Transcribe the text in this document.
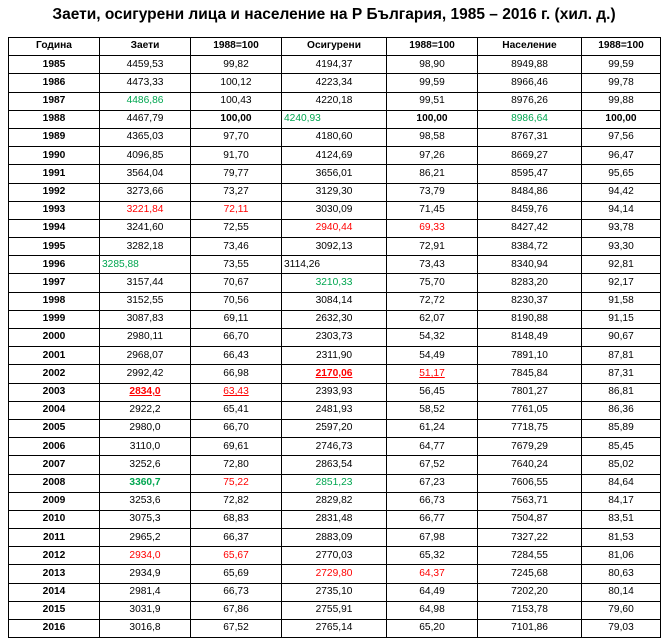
Заети, осигурени лица и население на Р България, 1985 – 2016 г. (хил. д.)
Година	Заети	1988=100	Осигурени	1988=100	Население	1988=100
1985	4459,53	99,82	4194,37	98,90	8949,88	99,59
1986	4473,33	100,12	4223,34	99,59	8966,46	99,78
1987	4486,86	100,43	4220,18	99,51	8976,26	99,88
1988	4467,79	100,00	4240,93	100,00	8986,64	100,00
1989	4365,03	97,70	4180,60	98,58	8767,31	97,56
1990	4096,85	91,70	4124,69	97,26	8669,27	96,47
1991	3564,04	79,77	3656,01	86,21	8595,47	95,65
1992	3273,66	73,27	3129,30	73,79	8484,86	94,42
1993	3221,84	72,11	3030,09	71,45	8459,76	94,14
1994	3241,60	72,55	2940,44	69,33	8427,42	93,78
1995	3282,18	73,46	3092,13	72,91	8384,72	93,30
1996	3285,88	73,55	3114,26	73,43	8340,94	92,81
1997	3157,44	70,67	3210,33	75,70	8283,20	92,17
1998	3152,55	70,56	3084,14	72,72	8230,37	91,58
1999	3087,83	69,11	2632,30	62,07	8190,88	91,15
2000	2980,11	66,70	2303,73	54,32	8148,49	90,67
2001	2968,07	66,43	2311,90	54,49	7891,10	87,81
2002	2992,42	66,98	2170,06	51,17	7845,84	87,31
2003	2834,0	63,43	2393,93	56,45	7801,27	86,81
2004	2922,2	65,41	2481,93	58,52	7761,05	86,36
2005	2980,0	66,70	2597,20	61,24	7718,75	85,89
2006	3110,0	69,61	2746,73	64,77	7679,29	85,45
2007	3252,6	72,80	2863,54	67,52	7640,24	85,02
2008	3360,7	75,22	2851,23	67,23	7606,55	84,64
2009	3253,6	72,82	2829,82	66,73	7563,71	84,17
2010	3075,3	68,83	2831,48	66,77	7504,87	83,51
2011	2965,2	66,37	2883,09	67,98	7327,22	81,53
2012	2934,0	65,67	2770,03	65,32	7284,55	81,06
2013	2934,9	65,69	2729,80	64,37	7245,68	80,63
2014	2981,4	66,73	2735,10	64,49	7202,20	80,14
2015	3031,9	67,86	2755,91	64,98	7153,78	79,60
2016	3016,8	67,52	2765,14	65,20	7101,86	79,03
